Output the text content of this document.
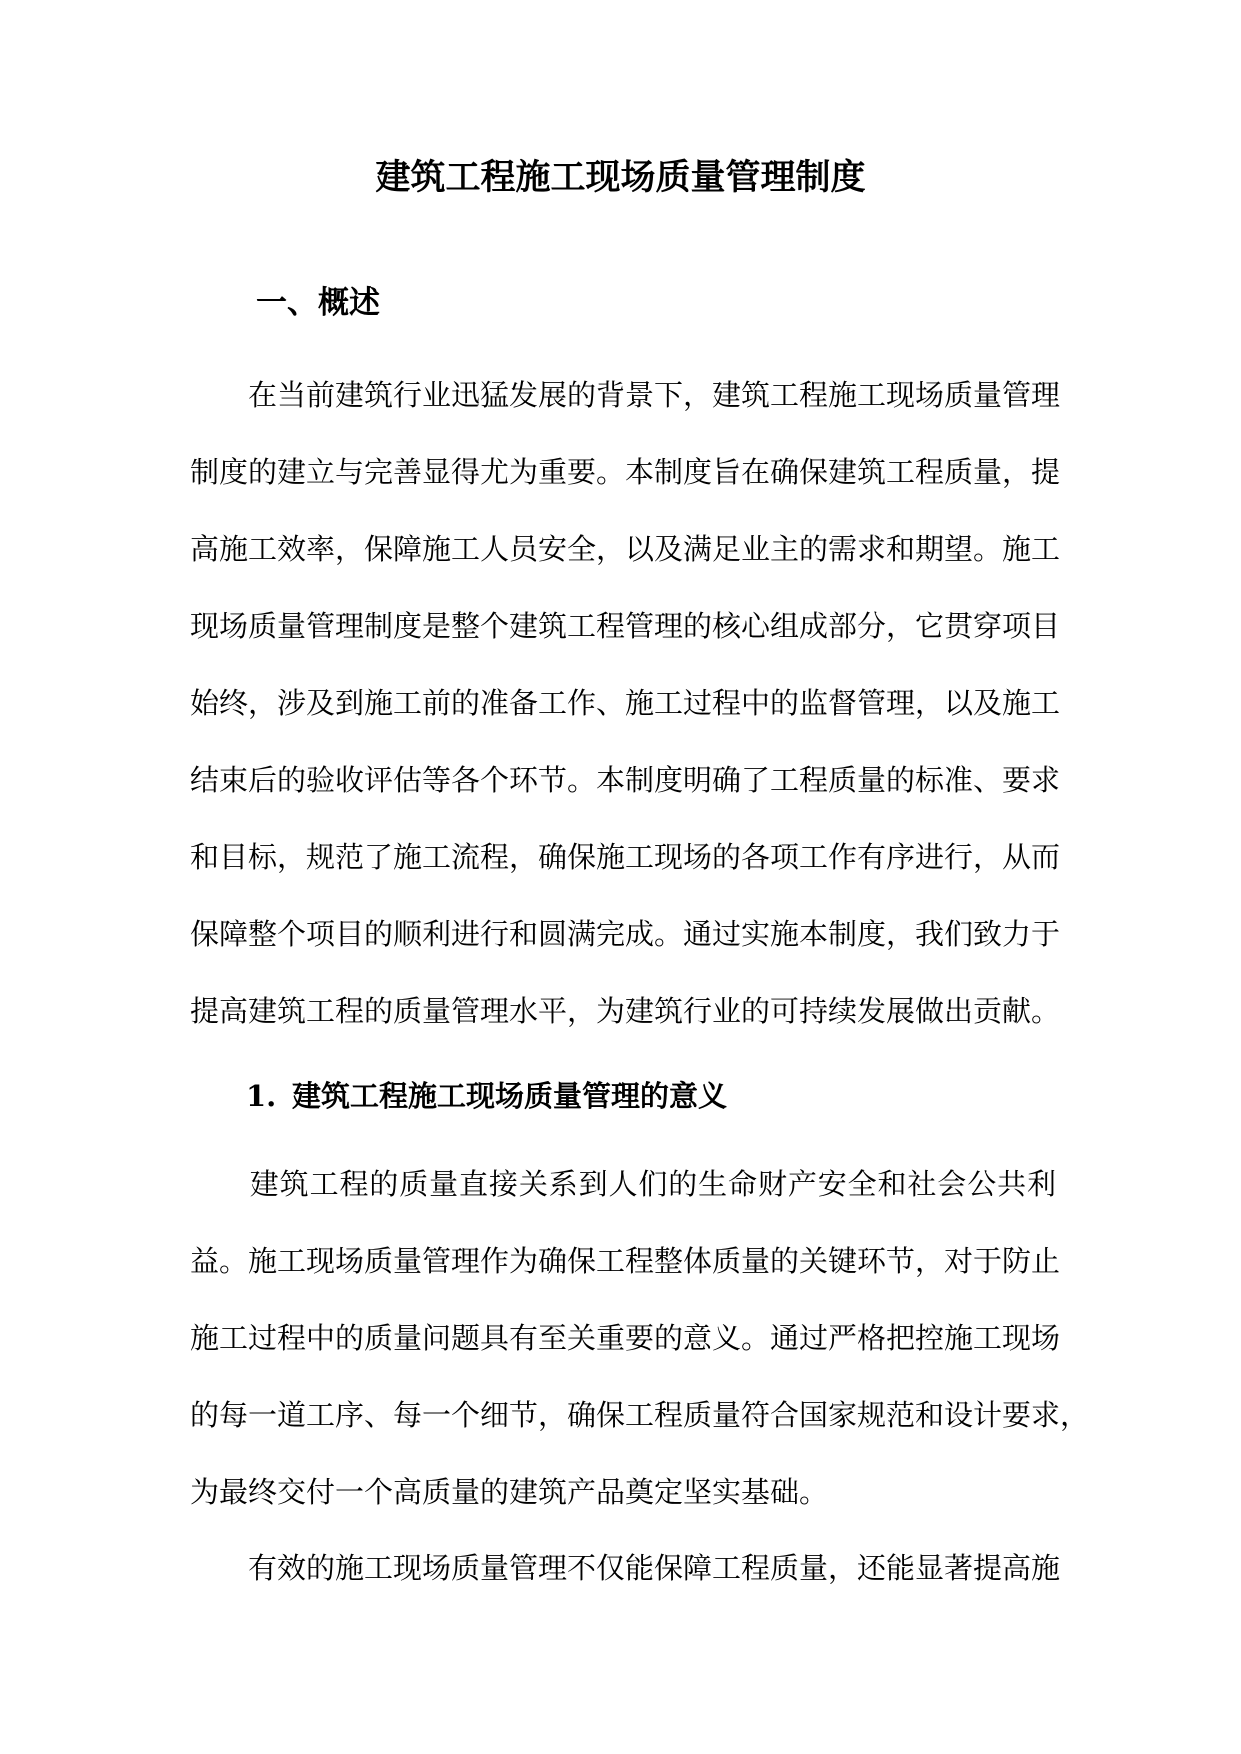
建筑工程施工现场质量管理制度
一、概述
　　在当前建筑行业迅猛发展的背景下，建筑工程施工现场质量管理
制度的建立与完善显得尤为重要。本制度旨在确保建筑工程质量，提
高施工效率，保障施工人员安全，以及满足业主的需求和期望。施工
现场质量管理制度是整个建筑工程管理的核心组成部分，它贯穿项目
始终，涉及到施工前的准备工作、施工过程中的监督管理，以及施工
结束后的验收评估等各个环节。本制度明确了工程质量的标准、要求
和目标，规范了施工流程，确保施工现场的各项工作有序进行，从而
保障整个项目的顺利进行和圆满完成。通过实施本制度，我们致力于
提高建筑工程的质量管理水平，为建筑行业的可持续发展做出贡献。
1. 建筑工程施工现场质量管理的意义
　　建筑工程的质量直接关系到人们的生命财产安全和社会公共利
益。施工现场质量管理作为确保工程整体质量的关键环节，对于防止
施工过程中的质量问题具有至关重要的意义。通过严格把控施工现场
的每一道工序、每一个细节，确保工程质量符合国家规范和设计要求，
为最终交付一个高质量的建筑产品奠定坚实基础。
　　有效的施工现场质量管理不仅能保障工程质量，还能显著提高施
